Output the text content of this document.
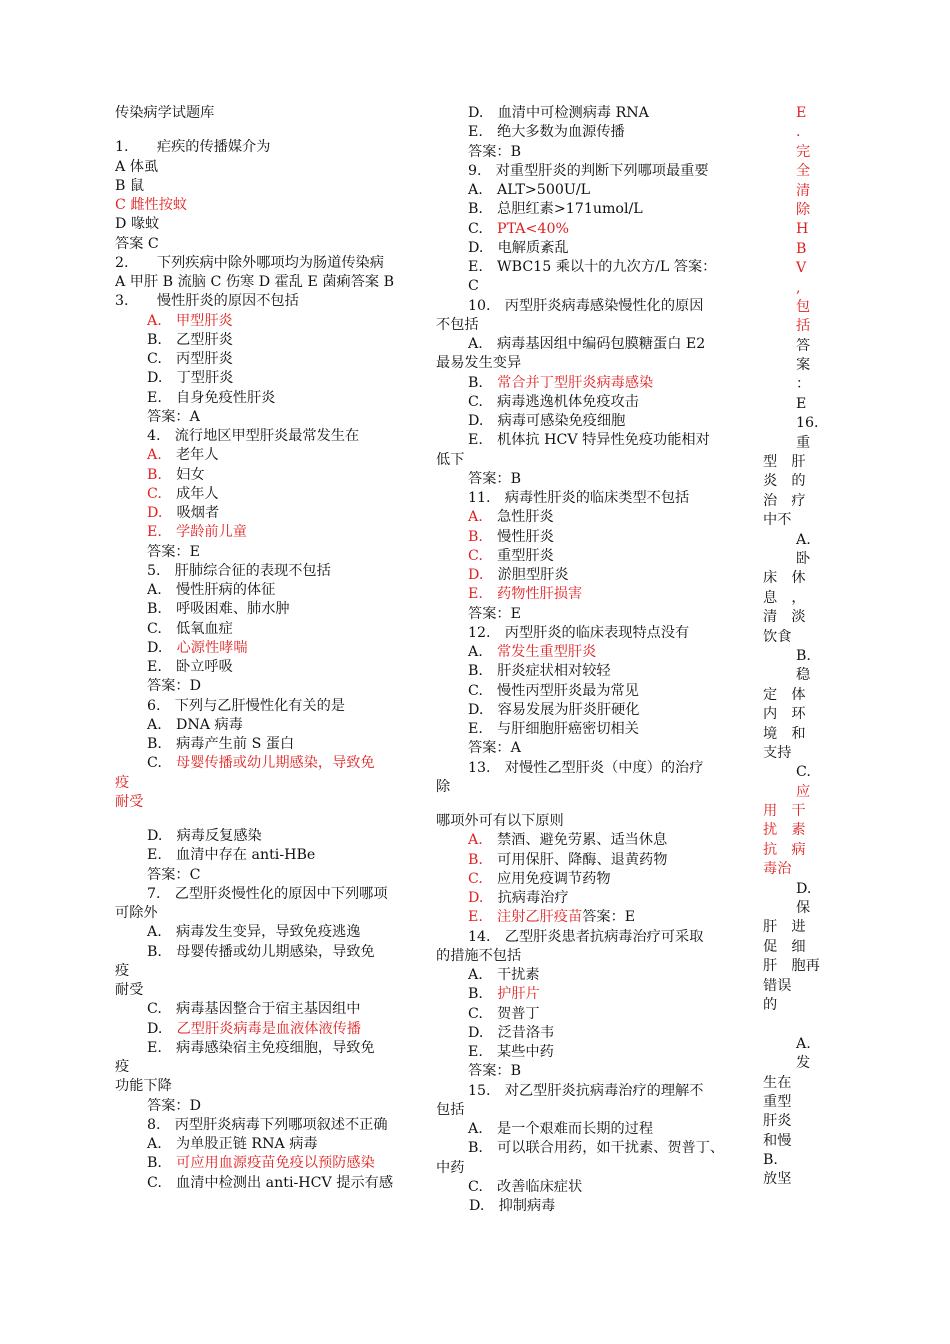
传染病学试题库
1.　　疟疾的传播媒介为
A 体虱
B 鼠
C 雌性按蚊
D 喙蚊
答案 C
2.　　下列疾病中除外哪项均为肠道传染病
A 甲肝 B 流脑 C 伤寒 D 霍乱 E 菌痢答案 B
3.　　慢性肝炎的原因不包括
A.　甲型肝炎
B.　乙型肝炎
C.　丙型肝炎
D.　丁型肝炎
E.　自身免疫性肝炎
答案：A
4.　流行地区甲型肝炎最常发生在
A.　老年人
B.　妇女
C.　成年人
D.　吸烟者
E.　学龄前儿童
答案：E
5.　肝肺综合征的表现不包括
A.　慢性肝病的体征
B.　呼吸困难、肺水肿
C.　低氧血症
D.　心源性哮喘
E.　卧立呼吸
答案：D
6.　下列与乙肝慢性化有关的是
A.　DNA 病毒
B.　病毒产生前 S 蛋白
C.　母婴传播或幼儿期感染，导致免
疫
耐受
D.　病毒反复感染
E.　血清中存在 anti-HBe
答案：C
7.　乙型肝炎慢性化的原因中下列哪项
可除外
A.　病毒发生变异，导致免疫逃逸
B.　母婴传播或幼儿期感染，导致免
疫
耐受
C.　病毒基因整合于宿主基因组中
D.　乙型肝炎病毒是血液体液传播
E.　病毒感染宿主免疫细胞，导致免
疫
功能下降
答案：D
8.　丙型肝炎病毒下列哪项叙述不正确
A.　为单股正链 RNA 病毒
B.　可应用血源疫苗免疫以预防感染
C.　血清中检测出 anti-HCV 提示有感
D.　血清中可检测病毒 RNA
E.　绝大多数为血源传播
答案：B
9.　对重型肝炎的判断下列哪项最重要
A.　ALT>500U/L
B.　总胆红素>171umol/L
C.　PTA<40%
D.　电解质紊乱
E.　WBC15 乘以十的九次方/L 答案：
C
10.　丙型肝炎病毒感染慢性化的原因
不包括
A.　病毒基因组中编码包膜糖蛋白 E2
最易发生变异
B.　常合并丁型肝炎病毒感染
C.　病毒逃逸机体免疫攻击
D.　病毒可感染免疫细胞
E.　机体抗 HCV 特异性免疫功能相对
低下
答案：B
11.　病毒性肝炎的临床类型不包括
A.　急性肝炎
B.　慢性肝炎
C.　重型肝炎
D.　淤胆型肝炎
E.　药物性肝损害
答案：E
12.　丙型肝炎的临床表现特点没有
A.　常发生重型肝炎
B.　肝炎症状相对较轻
C.　慢性丙型肝炎最为常见
D.　容易发展为肝炎肝硬化
E.　与肝细胞肝癌密切相关
答案：A
13.　对慢性乙型肝炎（中度）的治疗
除
哪项外可有以下原则
A.　禁酒、避免劳累、适当休息
B.　可用保肝、降酶、退黄药物
C.　应用免疫调节药物
D.　抗病毒治疗
E.　注射乙肝疫苗答案：E
14.　乙型肝炎患者抗病毒治疗可采取
的措施不包括
A.　干扰素
B.　护肝片
C.　贺普丁
D.　泛昔洛韦
E.　某些中药
答案：B
15.　对乙型肝炎抗病毒治疗的理解不
包括
A.　是一个艰难而长期的过程
B.　可以联合用药，如干扰素、贺普丁、
中药
C.　改善临床症状
D.　抑制病毒
E
.
完
全
清
除
H
B
V
,
包
括
答
案
：
E
16.
重
型　肝
炎　的
治　疗
中不
A.
卧
床　休
息　，
清　淡
饮食
B.
稳
定　体
内　环
境　和
支持
C.
应
用　干
扰　素
抗　病
毒治
D.
保
肝　进
促　细
肝　胞再
错误
的
A.
发
生在
重型
肝炎
和慢
B.
放坚
